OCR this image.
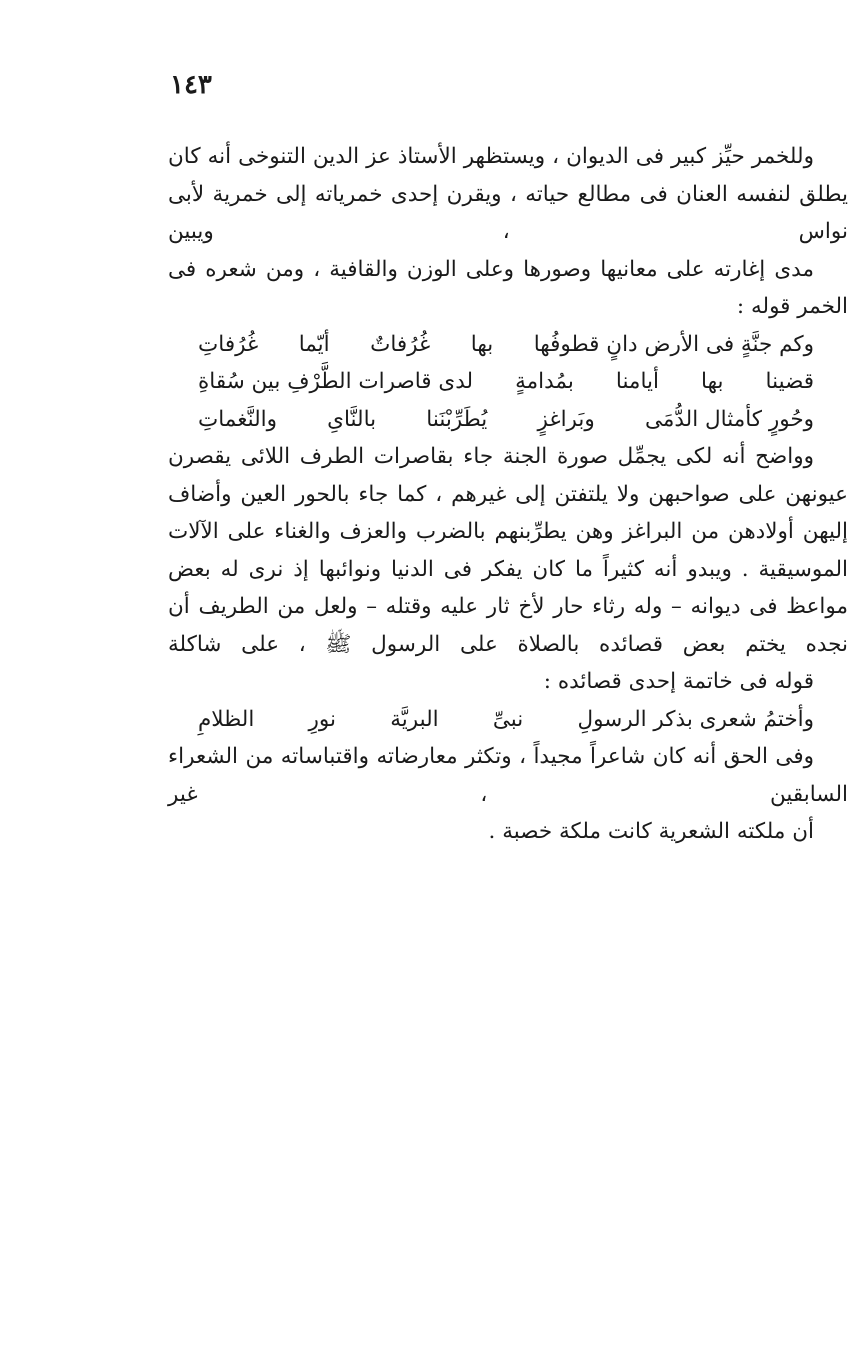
١٤٣

وللخمر حيِّز كبير فى الديوان ، ويستظهر الأستاذ عز الدين التنوخى أنه كان يطلق لنفسه العنان فى مطالع حياته ، ويقرن إحدى خمرياته إلى خمرية لأبى نواس ، ويبين
مدى إغارته على معانيها وصورها وعلى الوزن والقافية ، ومن شعره فى الخمر قوله :

وكم جنَّةٍ فى الأرض دانٍ قطوفُها
بها
غُرُفاتٌ
أيّما
غُرُفاتِ
قضينا
بها
أيامنا
بمُدامةٍ
لدى قاصرات الطَّرْفِ بين سُقاةِ
وحُورٍ كأمثال الدُّمَى
وبَراغزٍ
يُطَرِّبْنَنا
بالنَّاىِ
والنَّغماتِ

وواضح أنه لكى يجمِّل صورة الجنة جاء بقاصرات الطرف اللائى يقصرن عيونهن على صواحبهن ولا يلتفتن إلى غيرهم ، كما جاء بالحور العين وأضاف إليهن أولادهن من البراغز وهن يطرِّبنهم بالضرب والعزف والغناء على الآلات الموسيقية . ويبدو أنه كثيراً ما كان يفكر فى الدنيا ونوائبها إذ نرى له بعض مواعظ فى ديوانه – وله رثاء حار لأخ ثار عليه وقتله – ولعل من الطريف أن نجده يختم بعض قصائده بالصلاة على الرسول ﷺ ، على شاكلة
قوله فى خاتمة إحدى قصائده :

وأختمُ شعرى بذكر الرسولِ
نبىِّ
البريَّة
نورِ
الظلامِ

وفى الحق أنه كان شاعراً مجيداً ، وتكثر معارضاته واقتباساته من الشعراء السابقين ، غير
أن ملكته الشعرية كانت ملكة خصبة .
